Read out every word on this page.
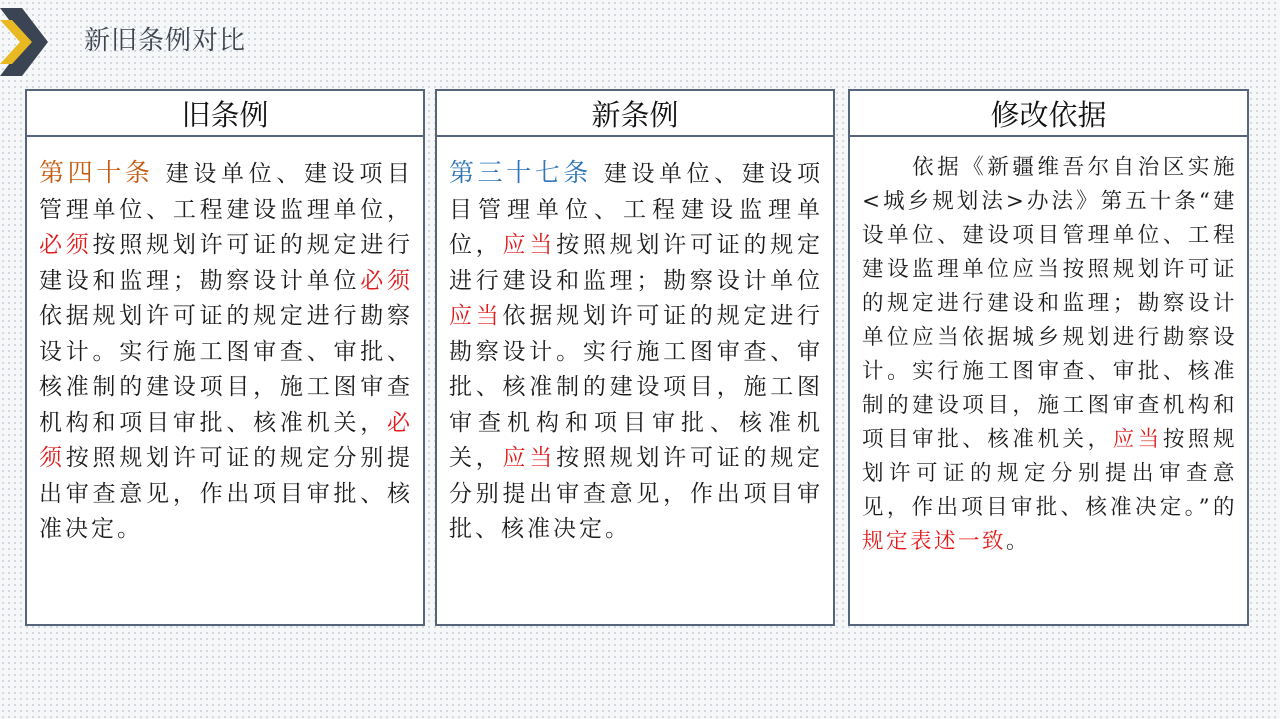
新旧条例对比
旧条例
第四十条 建设单位、建设项目管理单位、工程建设监理单位，必须按照规划许可证的规定进行建设和监理；勘察设计单位必须依据规划许可证的规定进行勘察设计。实行施工图审查、审批、核准制的建设项目，施工图审查机构和项目审批、核准机关，必须按照规划许可证的规定分别提出审查意见，作出项目审批、核准决定。
新条例
第三十七条 建设单位、建设项目管理单位、工程建设监理单位，应当按照规划许可证的规定进行建设和监理；勘察设计单位应当依据规划许可证的规定进行勘察设计。实行施工图审查、审批、核准制的建设项目，施工图审查机构和项目审批、核准机关，应当按照规划许可证的规定分别提出审查意见，作出项目审批、核准决定。
修改依据
　　依据《新疆维吾尔自治区实施<城乡规划法>办法》第五十条“建设单位、建设项目管理单位、工程建设监理单位应当按照规划许可证的规定进行建设和监理；勘察设计单位应当依据城乡规划进行勘察设计。实行施工图审查、审批、核准制的建设项目，施工图审查机构和项目审批、核准机关，应当按照规划许可证的规定分别提出审查意见，作出项目审批、核准决定。”的规定表述一致。
